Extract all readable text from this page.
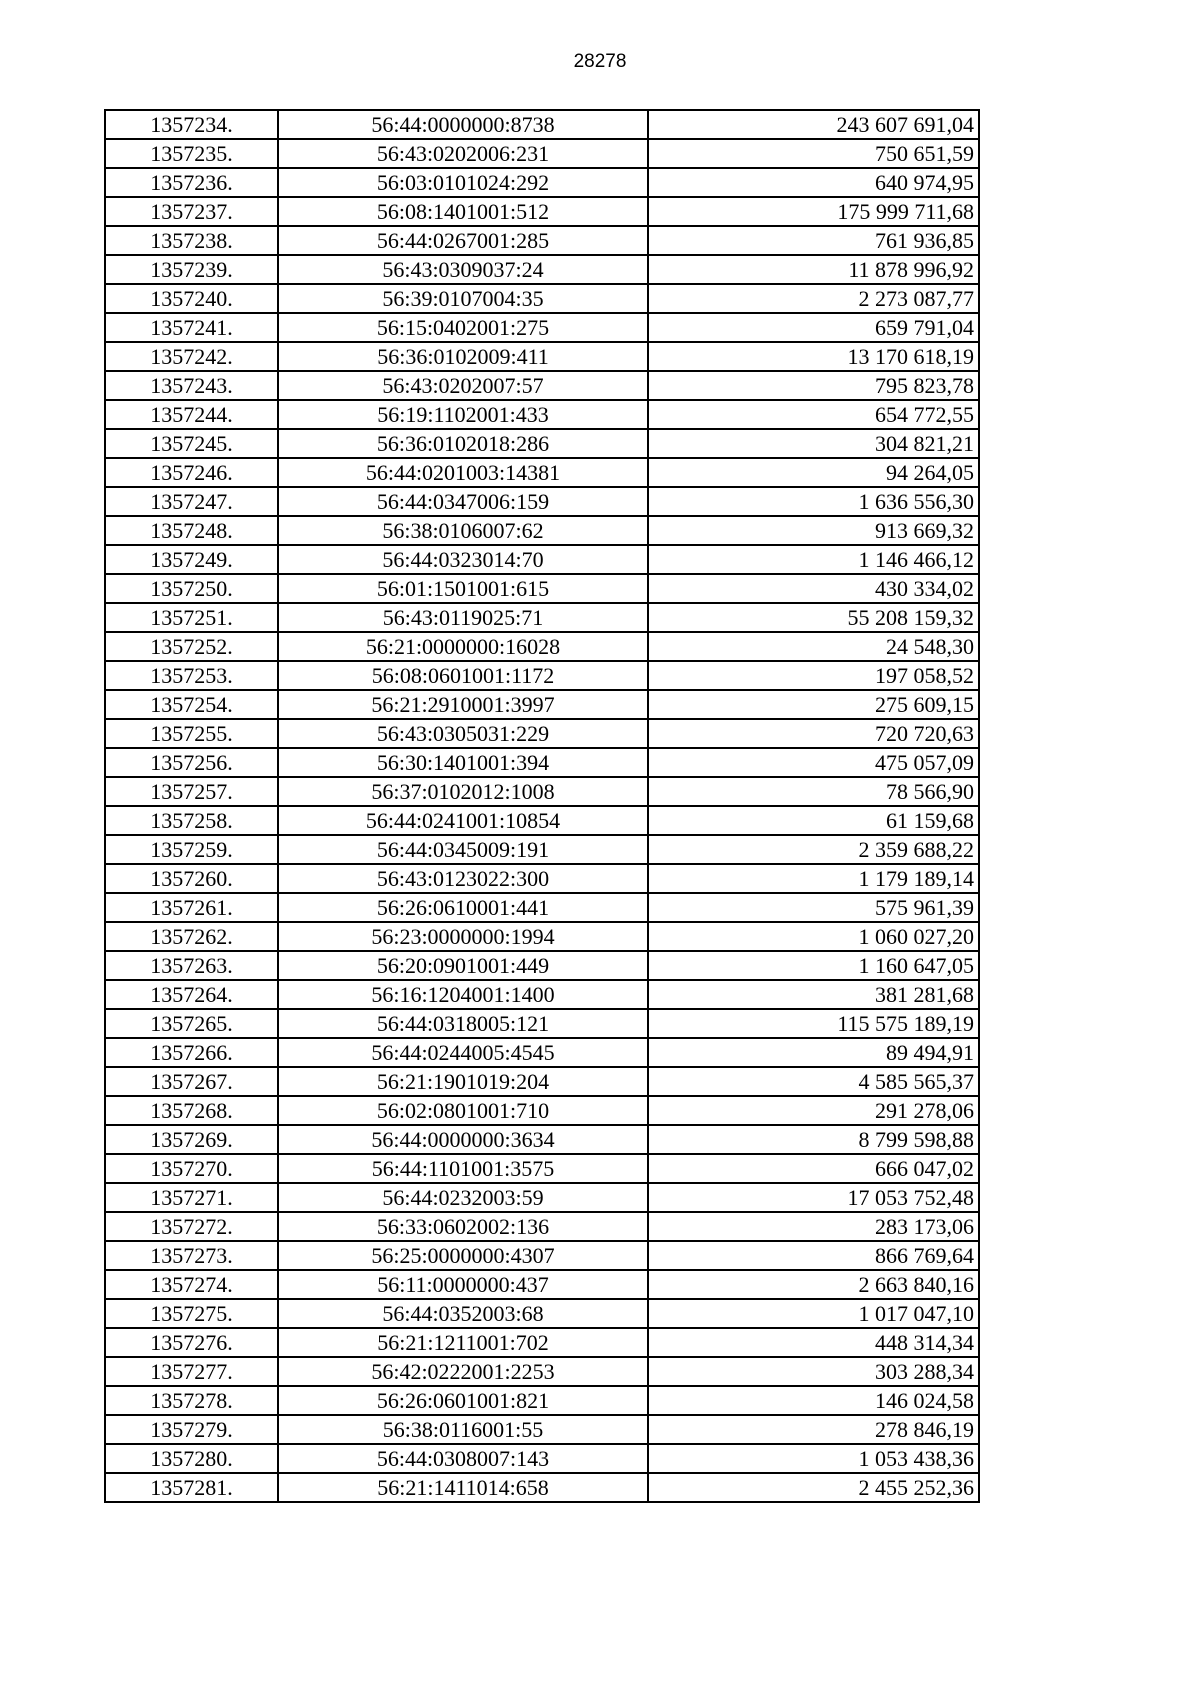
28278
1357234.	56:44:0000000:8738	243 607 691,04
1357235.	56:43:0202006:231	750 651,59
1357236.	56:03:0101024:292	640 974,95
1357237.	56:08:1401001:512	175 999 711,68
1357238.	56:44:0267001:285	761 936,85
1357239.	56:43:0309037:24	11 878 996,92
1357240.	56:39:0107004:35	2 273 087,77
1357241.	56:15:0402001:275	659 791,04
1357242.	56:36:0102009:411	13 170 618,19
1357243.	56:43:0202007:57	795 823,78
1357244.	56:19:1102001:433	654 772,55
1357245.	56:36:0102018:286	304 821,21
1357246.	56:44:0201003:14381	94 264,05
1357247.	56:44:0347006:159	1 636 556,30
1357248.	56:38:0106007:62	913 669,32
1357249.	56:44:0323014:70	1 146 466,12
1357250.	56:01:1501001:615	430 334,02
1357251.	56:43:0119025:71	55 208 159,32
1357252.	56:21:0000000:16028	24 548,30
1357253.	56:08:0601001:1172	197 058,52
1357254.	56:21:2910001:3997	275 609,15
1357255.	56:43:0305031:229	720 720,63
1357256.	56:30:1401001:394	475 057,09
1357257.	56:37:0102012:1008	78 566,90
1357258.	56:44:0241001:10854	61 159,68
1357259.	56:44:0345009:191	2 359 688,22
1357260.	56:43:0123022:300	1 179 189,14
1357261.	56:26:0610001:441	575 961,39
1357262.	56:23:0000000:1994	1 060 027,20
1357263.	56:20:0901001:449	1 160 647,05
1357264.	56:16:1204001:1400	381 281,68
1357265.	56:44:0318005:121	115 575 189,19
1357266.	56:44:0244005:4545	89 494,91
1357267.	56:21:1901019:204	4 585 565,37
1357268.	56:02:0801001:710	291 278,06
1357269.	56:44:0000000:3634	8 799 598,88
1357270.	56:44:1101001:3575	666 047,02
1357271.	56:44:0232003:59	17 053 752,48
1357272.	56:33:0602002:136	283 173,06
1357273.	56:25:0000000:4307	866 769,64
1357274.	56:11:0000000:437	2 663 840,16
1357275.	56:44:0352003:68	1 017 047,10
1357276.	56:21:1211001:702	448 314,34
1357277.	56:42:0222001:2253	303 288,34
1357278.	56:26:0601001:821	146 024,58
1357279.	56:38:0116001:55	278 846,19
1357280.	56:44:0308007:143	1 053 438,36
1357281.	56:21:1411014:658	2 455 252,36
